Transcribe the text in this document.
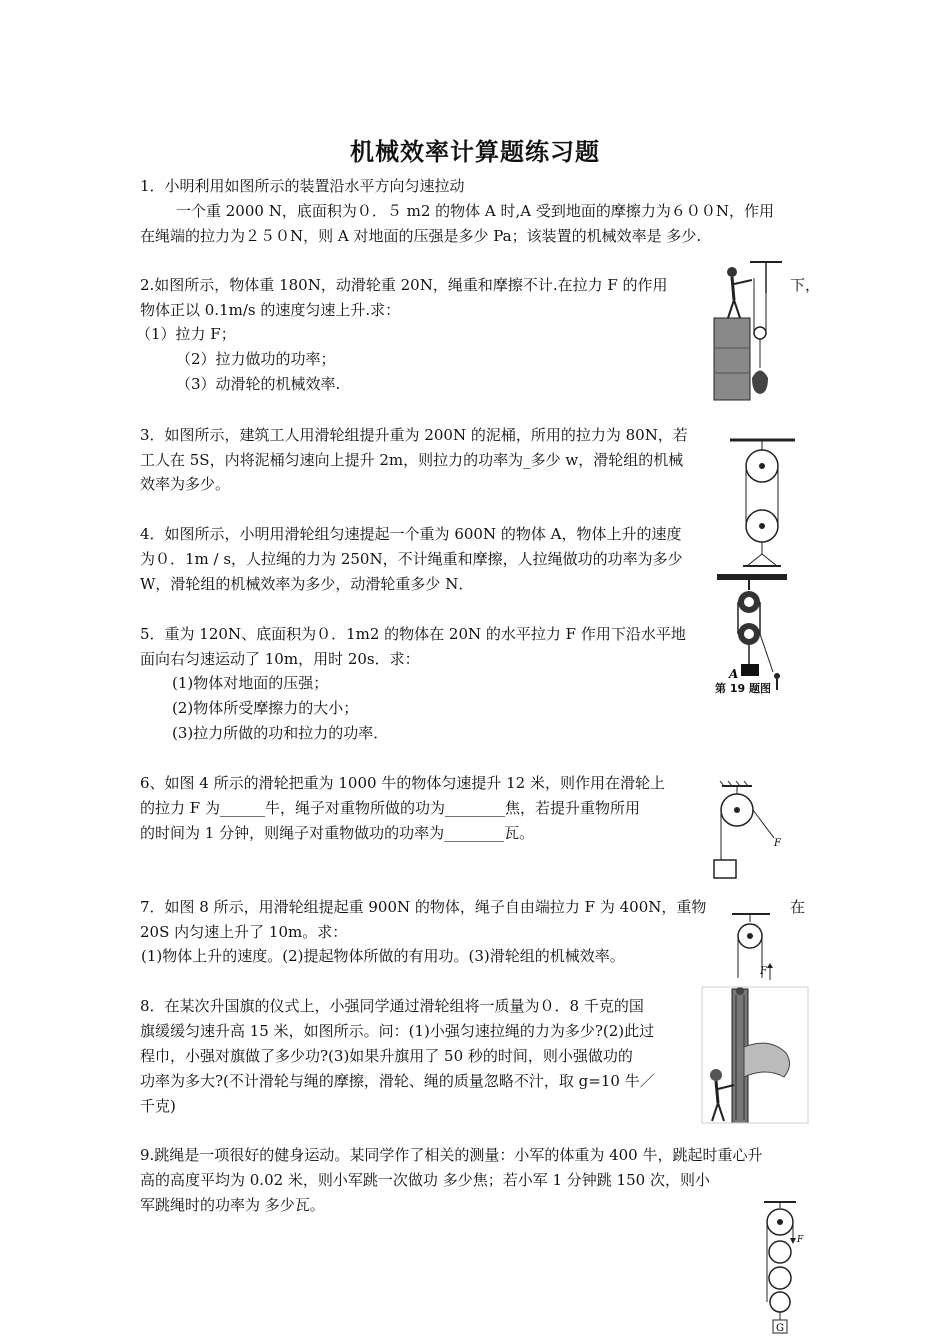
机械效率计算题练习题
1．小明利用如图所示的装置沿水平方向匀速拉动
一个重 2000 N，底面积为０．５ m2 的物体 A 时,A 受到地面的摩擦力为６００N，作用
在绳端的拉力为２５０N，则 A 对地面的压强是多少 Pa；该装置的机械效率是 多少.
2.如图所示，物体重 180N，动滑轮重 20N，绳重和摩擦不计.在拉力 F 的作用	下，
物体正以 0.1m/s 的速度匀速上升.求：
（1）拉力 F；
（2）拉力做功的功率；
（3）动滑轮的机械效率.
3．如图所示，建筑工人用滑轮组提升重为 200N 的泥桶，所用的拉力为 80N，若
工人在 5S，内将泥桶匀速向上提升 2m，则拉力的功率为_多少 w，滑轮组的机械
效率为多少。
4．如图所示，小明用滑轮组匀速提起一个重为 600N 的物体 A，物体上升的速度
为０．1m / s，人拉绳的力为 250N，不计绳重和摩擦，人拉绳做功的功率为多少
W，滑轮组的机械效率为多少，动滑轮重多少 N．
5．重为 120N、底面积为０．1m2 的物体在 20N 的水平拉力 F 作用下沿水平地
面向右匀速运动了 10m，用时 20s．求：
(1)物体对地面的压强；
(2)物体所受摩擦力的大小；
(3)拉力所做的功和拉力的功率．
6、如图 4 所示的滑轮把重为 1000 牛的物体匀速提升 12 米，则作用在滑轮上
的拉力 F 为______牛，绳子对重物所做的功为________焦，若提升重物所用
的时间为 1 分钟，则绳子对重物做功的功率为________瓦。
7．如图 8 所示，用滑轮组提起重 900N 的物体，绳子自由端拉力 F 为 400N，重物	在
20S 内匀速上升了 10m。求：
(1)物体上升的速度。(2)提起物体所做的有用功。(3)滑轮组的机械效率。
8．在某次升国旗的仪式上，小强同学通过滑轮组将一质量为０．8 千克的国
旗缓缓匀速升高 15 米，如图所示。问：(1)小强匀速拉绳的力为多少?(2)此过
程巾，小强对旗做了多少功?(3)如果升旗用了 50 秒的时间，则小强做功的
功率为多大?(不计滑轮与绳的摩擦，滑轮、绳的质量忽略不汁，取 g=10 牛／
千克)
9.跳绳是一项很好的健身运动。某同学作了相关的测量：小军的体重为 400 牛，跳起时重心升
高的高度平均为 0.02 米，则小军跳一次做功 多少焦；若小军 1 分钟跳 150 次，则小
军跳绳时的功率为 多少瓦。
A
第 19 题图
F
F
F
G
